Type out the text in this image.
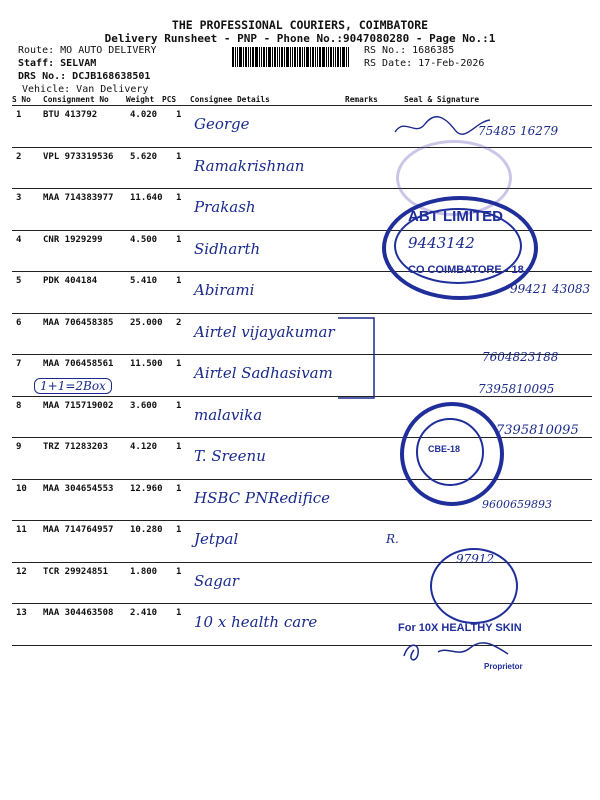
THE PROFESSIONAL COURIERS, COIMBATORE
Delivery Runsheet - PNP - Phone No.:9047080280 - Page No.:1
Route: MO AUTO DELIVERY
Staff: SELVAM
DRS No.: DCJB168638501
Vehicle: Van Delivery
RS No.: 1686385
RS Date: 17-Feb-2026
S No Consignment No Weight PCS Consignee Details	Remarks	Seal & Signature
1 BTU 413792	4.020 1 George
2 VPL 973319536 5.620 1 Ramakrishnan
3 MAA 714383977 11.640 1 Prakash
4 CNR 1929299	4.500 1 Sidharth
5 PDK 404184	5.410 1 Abirami
6 MAA 706458385 25.000 2 Airtel vijayakumar
7 MAA 706458561 11.500 1 Airtel Sadhasivam
8 MAA 715719002 3.600 1 malavika
9 TRZ 71283203 4.120 1 T. Sreenu
10 MAA 304654553 12.960 1 HSBC PNRedifice
11 MAA 714764957 10.280 1 Jetpal
12 TCR 29924851 1.800 1 Sagar
13 MAA 304463508 2.410 1 10 x health care
1+1=2Box
75485 16279
99421 43083
ABT LIMITED
9443142
CO COIMBATORE - 18
7604823188
7395810095
7395810095
9600659893
R.
97912
CBE-18
For 10X HEALTHY SKIN
Proprietor
